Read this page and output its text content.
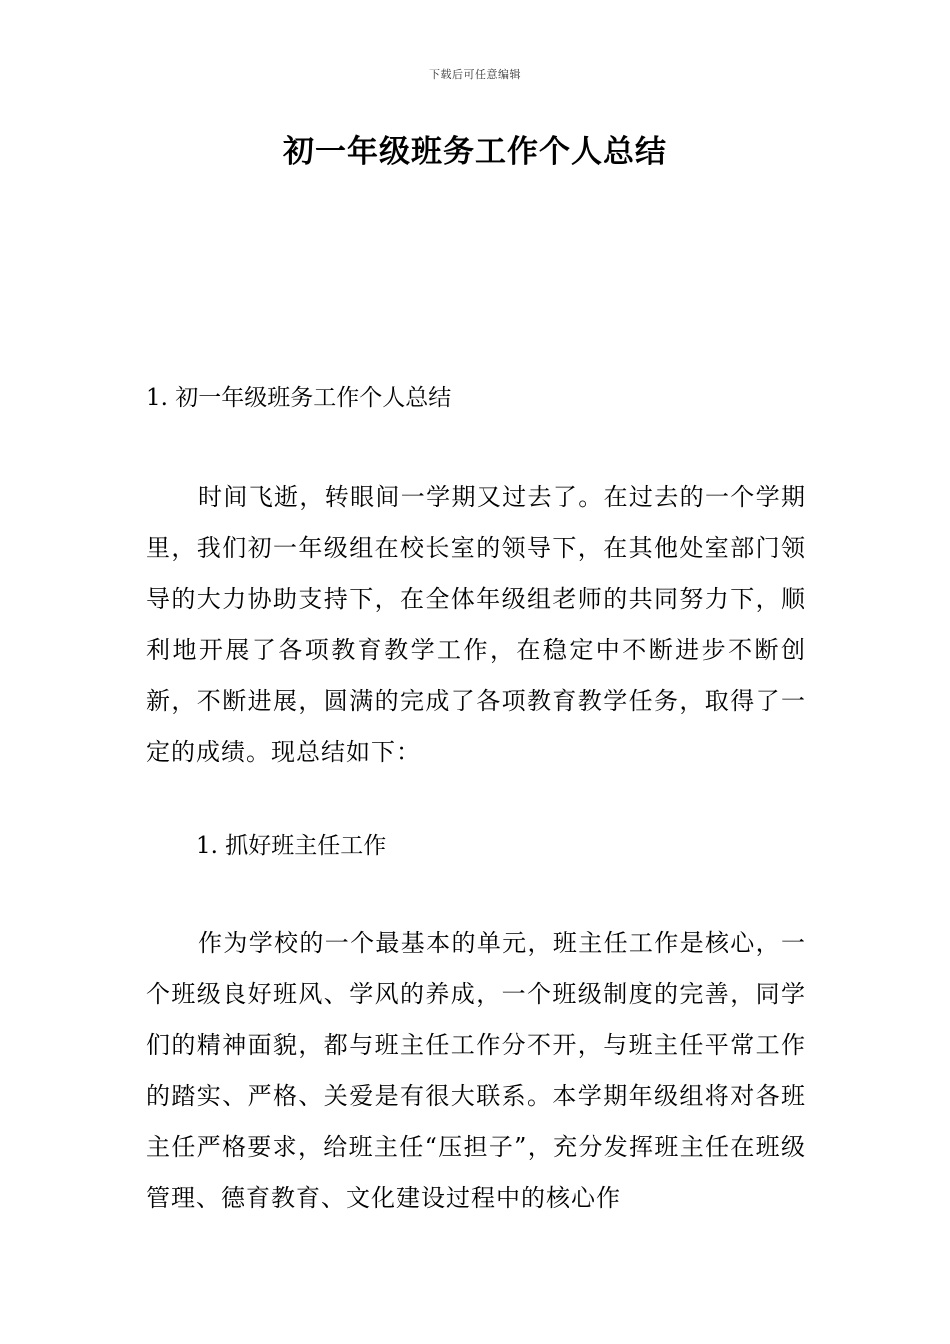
下载后可任意编辑
初一年级班务工作个人总结

1. 初一年级班务工作个人总结

时间飞逝，转眼间一学期又过去了。在过去的一个学期里，我们初一年级组在校长室的领导下，在其他处室部门领导的大力协助支持下，在全体年级组老师的共同努力下，顺利地开展了各项教育教学工作，在稳定中不断进步不断创新，不断进展，圆满的完成了各项教育教学任务，取得了一定的成绩。现总结如下：

1. 抓好班主任工作

作为学校的一个最基本的单元，班主任工作是核心，一个班级良好班风、学风的养成，一个班级制度的完善，同学们的精神面貌，都与班主任工作分不开，与班主任平常工作的踏实、严格、关爱是有很大联系。本学期年级组将对各班主任严格要求，给班主任“压担子”，充分发挥班主任在班级管理、德育教育、文化建设过程中的核心作
